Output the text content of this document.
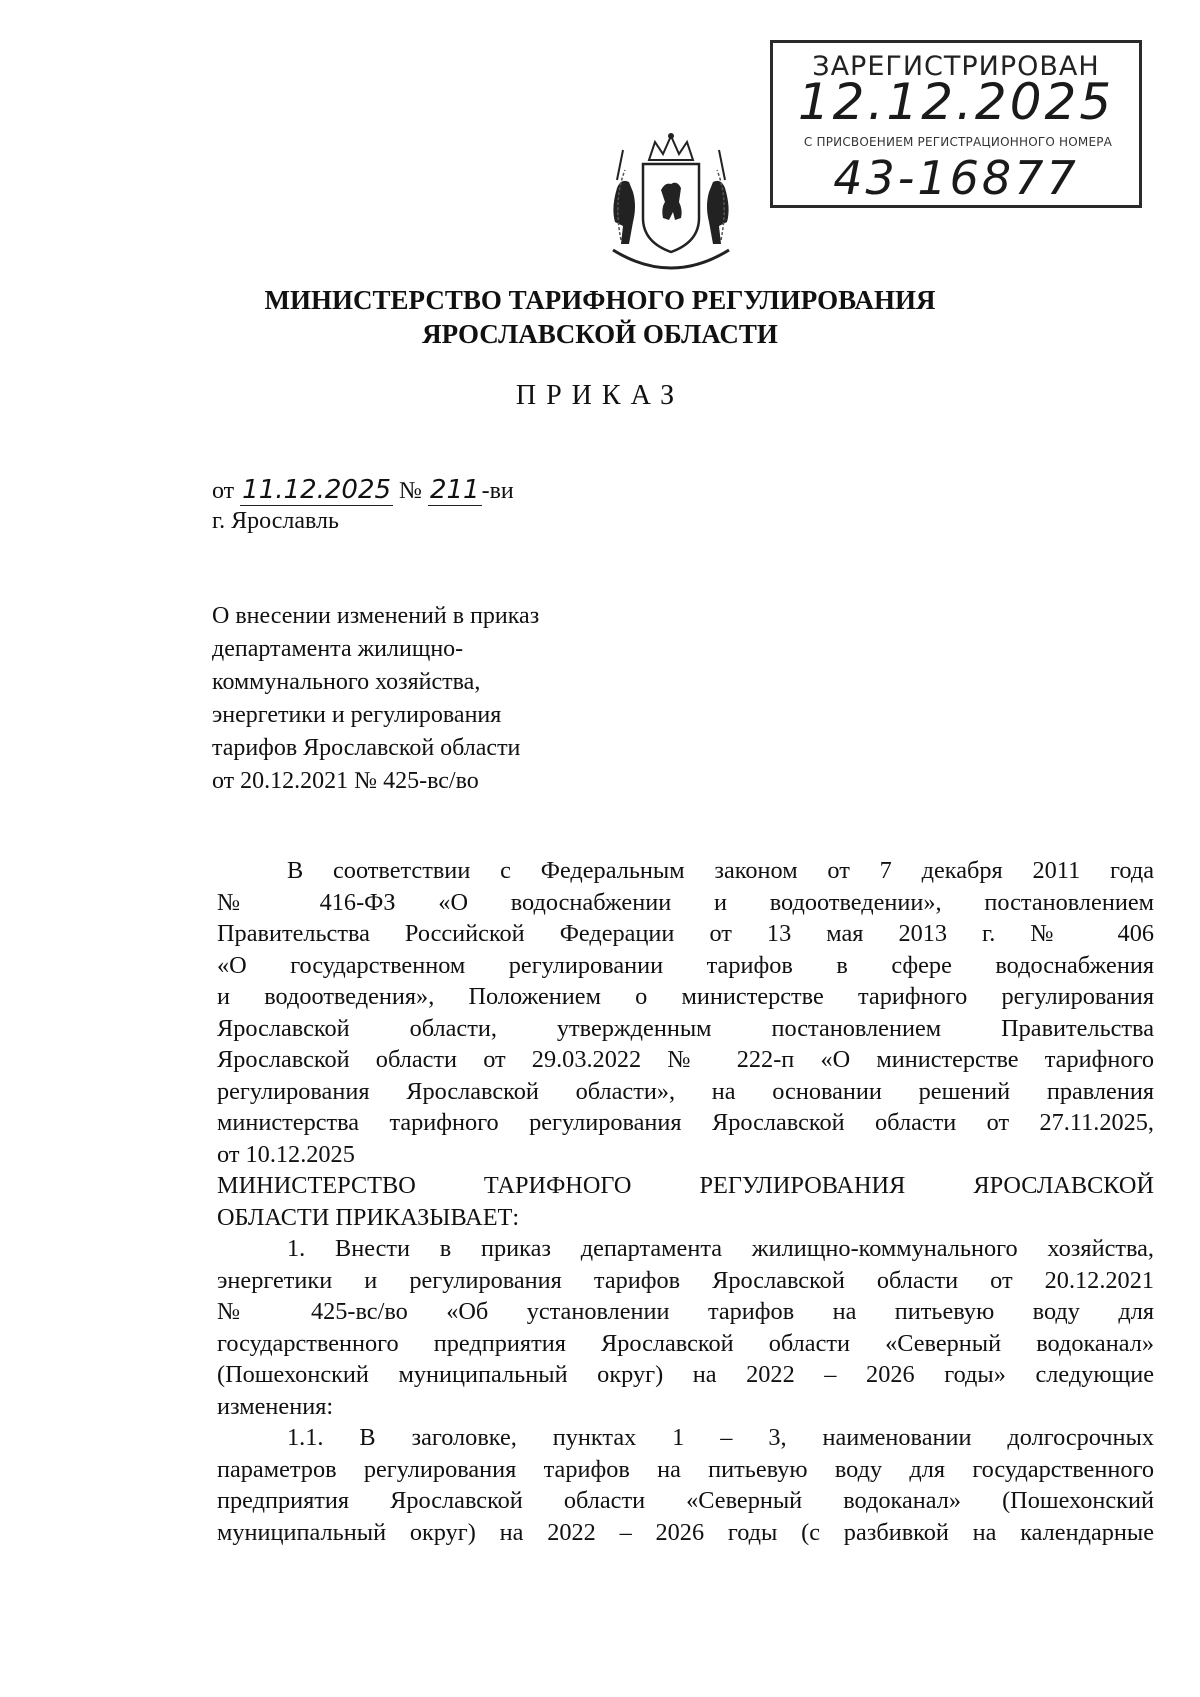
ЗАРЕГИСТРИРОВАН
12.12.2025
С ПРИСВОЕНИЕМ РЕГИСТРАЦИОННОГО НОМЕРА
43-16877
МИНИСТЕРСТВО ТАРИФНОГО РЕГУЛИРОВАНИЯ
ЯРОСЛАВСКОЙ ОБЛАСТИ
ПРИКАЗ
от 11.12.2025 № 211-ви
г. Ярославль
О внесении изменений в приказ
департамента жилищно-
коммунального хозяйства,
энергетики и регулирования
тарифов Ярославской области
от 20.12.2021 № 425-вс/во
В соответствии с Федеральным законом от 7 декабря 2011 года
№ 416-ФЗ «О водоснабжении и водоотведении», постановлением
Правительства Российской Федерации от 13 мая 2013 г. № 406
«О государственном регулировании тарифов в сфере водоснабжения
и водоотведения», Положением о министерстве тарифного регулирования
Ярославской области, утвержденным постановлением Правительства
Ярославской области от 29.03.2022 № 222-п «О министерстве тарифного
регулирования Ярославской области», на основании решений правления
министерства тарифного регулирования Ярославской области от 27.11.2025,
от 10.12.2025
МИНИСТЕРСТВО ТАРИФНОГО РЕГУЛИРОВАНИЯ ЯРОСЛАВСКОЙ
ОБЛАСТИ ПРИКАЗЫВАЕТ:
1. Внести в приказ департамента жилищно-коммунального хозяйства,
энергетики и регулирования тарифов Ярославской области от 20.12.2021
№ 425-вс/во «Об установлении тарифов на питьевую воду для
государственного предприятия Ярославской области «Северный водоканал»
(Пошехонский муниципальный округ) на 2022 – 2026 годы» следующие
изменения:
1.1. В заголовке, пунктах 1 – 3, наименовании долгосрочных
параметров регулирования тарифов на питьевую воду для государственного
предприятия Ярославской области «Северный водоканал» (Пошехонский
муниципальный округ) на 2022 – 2026 годы (с разбивкой на календарные
